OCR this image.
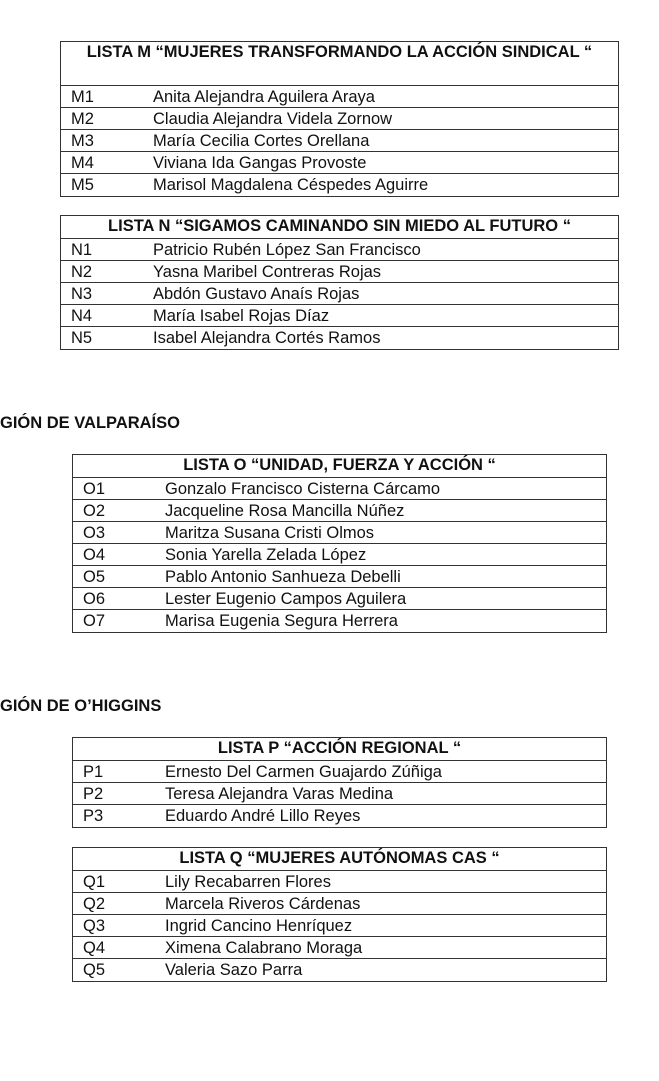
LISTA M “MUJERES TRANSFORMANDO LA ACCIÓN SINDICAL “
M1	Anita Alejandra Aguilera Araya
M2	Claudia Alejandra Videla Zornow
M3	María Cecilia Cortes Orellana
M4	Viviana Ida Gangas Provoste
M5	Marisol Magdalena Céspedes Aguirre
LISTA N “SIGAMOS CAMINANDO SIN MIEDO AL FUTURO “
N1	Patricio Rubén López San Francisco
N2	Yasna Maribel Contreras Rojas
N3	Abdón Gustavo Anaís Rojas
N4	María Isabel Rojas Díaz
N5	Isabel Alejandra Cortés Ramos
GIÓN DE VALPARAÍSO
LISTA O “UNIDAD, FUERZA Y ACCIÓN “
O1	Gonzalo Francisco Cisterna Cárcamo
O2	Jacqueline Rosa Mancilla Núñez
O3	Maritza Susana Cristi Olmos
O4	Sonia Yarella Zelada López
O5	Pablo Antonio Sanhueza Debelli
O6	Lester Eugenio Campos Aguilera
O7	Marisa Eugenia Segura Herrera
GIÓN DE O’HIGGINS
LISTA P “ACCIÓN REGIONAL “
P1	Ernesto Del Carmen Guajardo Zúñiga
P2	Teresa Alejandra Varas Medina
P3	Eduardo André Lillo Reyes
LISTA Q “MUJERES AUTÓNOMAS CAS “
Q1	Lily Recabarren Flores
Q2	Marcela Riveros Cárdenas
Q3	Ingrid Cancino Henríquez
Q4	Ximena Calabrano Moraga
Q5	Valeria Sazo Parra
